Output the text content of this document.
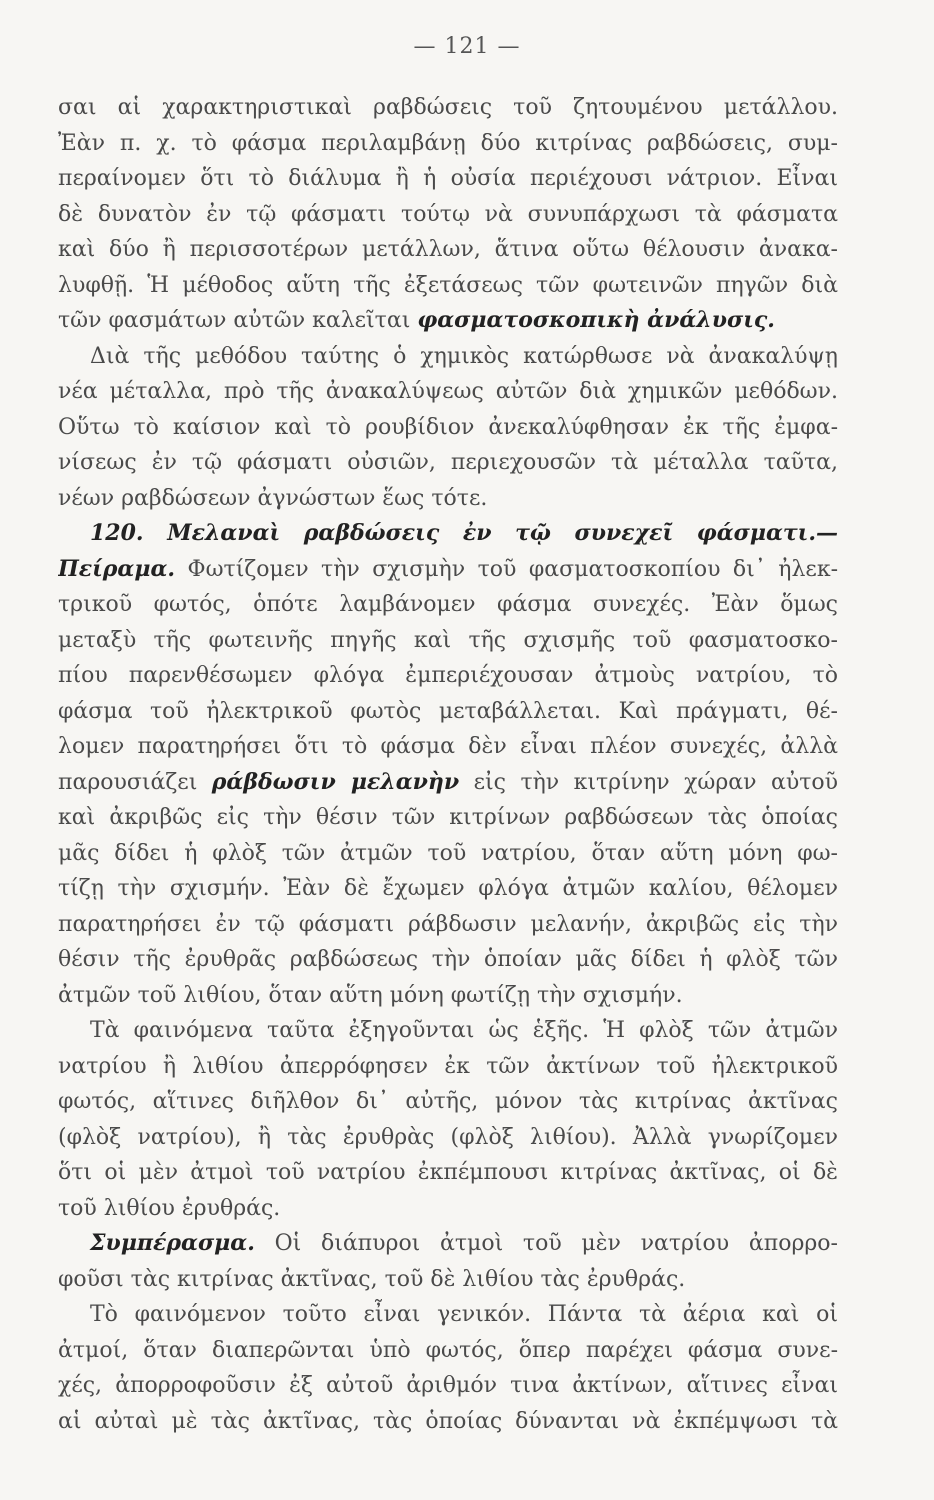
— 121 —
σαι αἱ χαρακτηριστικαὶ ραβδώσεις τοῦ ζητουμένου μετάλλου.
Ἐὰν π. χ. τὸ φάσμα περιλαμβάνῃ δύο κιτρίνας ραβδώσεις, συμ-
περαίνομεν ὅτι τὸ διάλυμα ἢ ἡ οὐσία περιέχουσι νάτριον. Εἶναι
δὲ δυνατὸν ἐν τῷ φάσματι τούτῳ νὰ συνυπάρχωσι τὰ φάσματα
καὶ δύο ἢ περισσοτέρων μετάλλων, ἅτινα οὕτω θέλουσιν ἀνακα-
λυφθῇ. Ἡ μέθοδος αὕτη τῆς ἐξετάσεως τῶν φωτεινῶν πηγῶν διὰ
τῶν φασμάτων αὐτῶν καλεῖται φασματοσκοπικὴ ἀνάλυσις.
Διὰ τῆς μεθόδου ταύτης ὁ χημικὸς κατώρθωσε νὰ ἀνακαλύψῃ
νέα μέταλλα, πρὸ τῆς ἀνακαλύψεως αὐτῶν διὰ χημικῶν μεθόδων.
Οὕτω τὸ καίσιον καὶ τὸ ρουβίδιον ἀνεκαλύφθησαν ἐκ τῆς ἐμφα-
νίσεως ἐν τῷ φάσματι οὐσιῶν, περιεχουσῶν τὰ μέταλλα ταῦτα,
νέων ραβδώσεων ἀγνώστων ἕως τότε.
120. Μελαναὶ ραβδώσεις ἐν τῷ συνεχεῖ φάσματι.—
Πείραμα. Φωτίζομεν τὴν σχισμὴν τοῦ φασματοσκοπίου δι᾽ ἠλεκ-
τρικοῦ φωτός, ὁπότε λαμβάνομεν φάσμα συνεχές. Ἐὰν ὅμως
μεταξὺ τῆς φωτεινῆς πηγῆς καὶ τῆς σχισμῆς τοῦ φασματοσκο-
πίου παρενθέσωμεν φλόγα ἐμπεριέχουσαν ἀτμοὺς νατρίου, τὸ
φάσμα τοῦ ἠλεκτρικοῦ φωτὸς μεταβάλλεται. Καὶ πράγματι, θέ-
λομεν παρατηρήσει ὅτι τὸ φάσμα δὲν εἶναι πλέον συνεχές, ἀλλὰ
παρουσιάζει ράβδωσιν μελανὴν εἰς τὴν κιτρίνην χώραν αὐτοῦ
καὶ ἀκριβῶς εἰς τὴν θέσιν τῶν κιτρίνων ραβδώσεων τὰς ὁποίας
μᾶς δίδει ἡ φλὸξ τῶν ἀτμῶν τοῦ νατρίου, ὅταν αὕτη μόνη φω-
τίζῃ τὴν σχισμήν. Ἐὰν δὲ ἔχωμεν φλόγα ἀτμῶν καλίου, θέλομεν
παρατηρήσει ἐν τῷ φάσματι ράβδωσιν μελανήν, ἀκριβῶς εἰς τὴν
θέσιν τῆς ἐρυθρᾶς ραβδώσεως τὴν ὁποίαν μᾶς δίδει ἡ φλὸξ τῶν
ἀτμῶν τοῦ λιθίου, ὅταν αὕτη μόνη φωτίζῃ τὴν σχισμήν.
Τὰ φαινόμενα ταῦτα ἐξηγοῦνται ὡς ἑξῆς. Ἡ φλὸξ τῶν ἀτμῶν
νατρίου ἢ λιθίου ἀπερρόφησεν ἐκ τῶν ἀκτίνων τοῦ ἠλεκτρικοῦ
φωτός, αἵτινες διῆλθον δι᾽ αὐτῆς, μόνον τὰς κιτρίνας ἀκτῖνας
(φλὸξ νατρίου), ἢ τὰς ἐρυθρὰς (φλὸξ λιθίου). Ἀλλὰ γνωρίζομεν
ὅτι οἱ μὲν ἀτμοὶ τοῦ νατρίου ἐκπέμπουσι κιτρίνας ἀκτῖνας, οἱ δὲ
τοῦ λιθίου ἐρυθράς.
Συμπέρασμα. Οἱ διάπυροι ἀτμοὶ τοῦ μὲν νατρίου ἀπορρο-
φοῦσι τὰς κιτρίνας ἀκτῖνας, τοῦ δὲ λιθίου τὰς ἐρυθράς.
Τὸ φαινόμενον τοῦτο εἶναι γενικόν. Πάντα τὰ ἀέρια καὶ οἱ
ἀτμοί, ὅταν διαπερῶνται ὑπὸ φωτός, ὅπερ παρέχει φάσμα συνε-
χές, ἀπορροφοῦσιν ἐξ αὐτοῦ ἀριθμόν τινα ἀκτίνων, αἵτινες εἶναι
αἱ αὐταὶ μὲ τὰς ἀκτῖνας, τὰς ὁποίας δύνανται νὰ ἐκπέμψωσι τὰ
